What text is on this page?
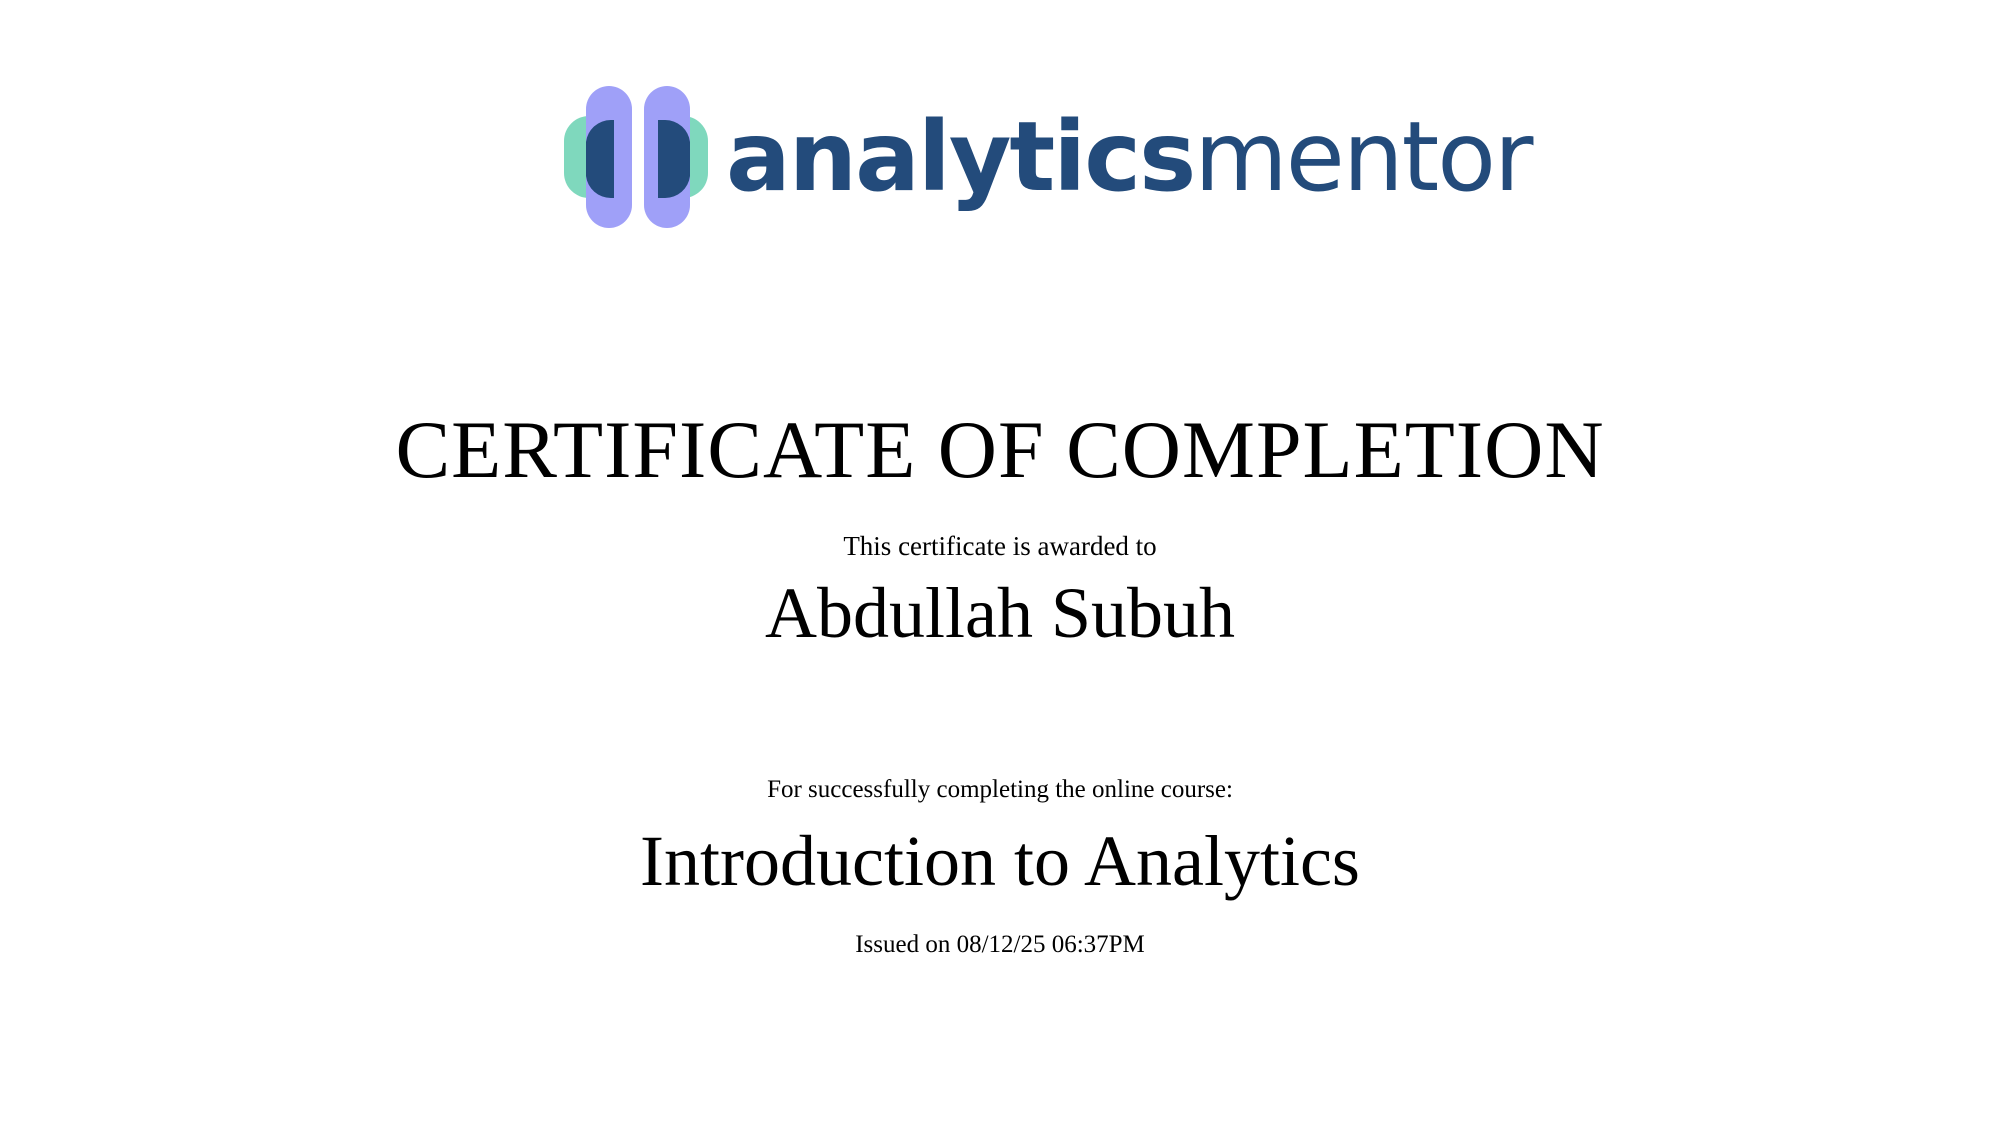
analyticsmentor
CERTIFICATE OF COMPLETION
This certificate is awarded to
Abdullah Subuh
For successfully completing the online course:
Introduction to Analytics
Issued on 08/12/25 06:37PM
